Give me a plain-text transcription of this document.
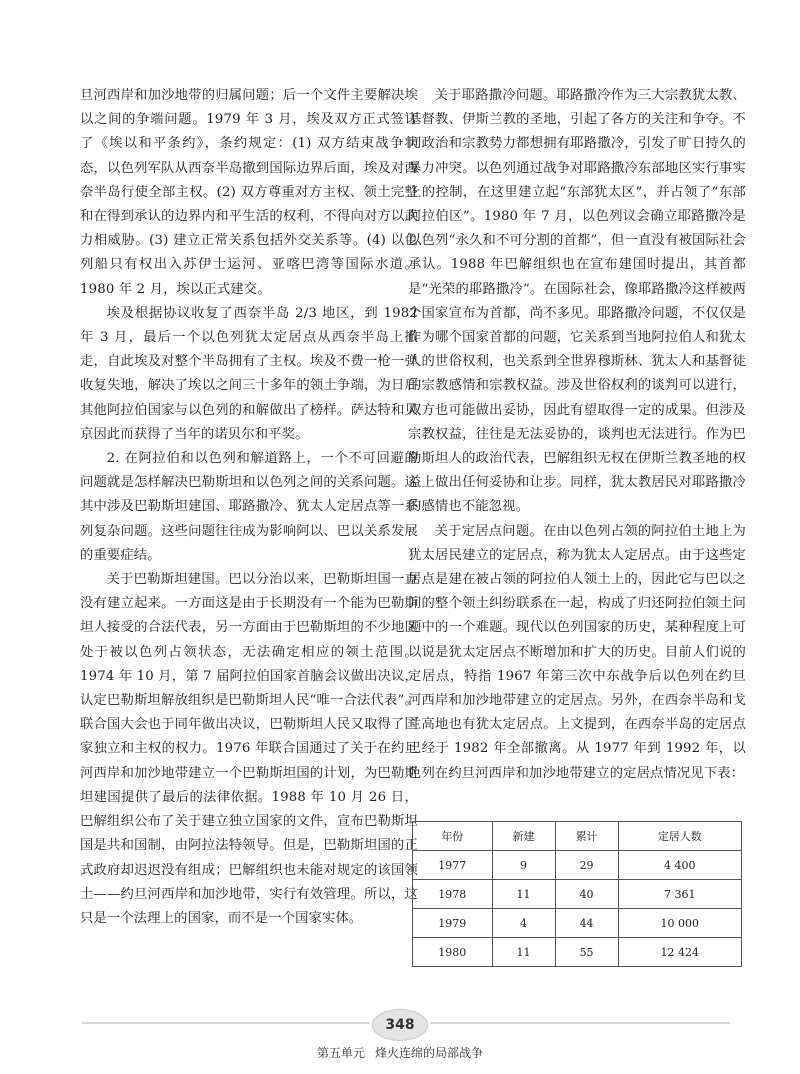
旦河西岸和加沙地带的归属问题；后一个文件主要解决埃以之间的争端问题。1979 年 3 月，埃及双方正式签订了《埃以和平条约》，条约规定：(1) 双方结束战争状态，以色列军队从西奈半岛撤到国际边界后面，埃及对西奈半岛行使全部主权。(2) 双方尊重对方主权、领土完整和在得到承认的边界内和平生活的权利，不得向对方以武力相威胁。(3) 建立正常关系包括外交关系等。(4) 以色列船只有权出入苏伊士运河、亚喀巴湾等国际水道。1980 年 2 月，埃以正式建交。

埃及根据协议收复了西奈半岛 2/3 地区，到 1982 年 3 月，最后一个以色列犹太定居点从西奈半岛上撤走，自此埃及对整个半岛拥有了主权。埃及不费一枪一弹收复失地，解决了埃以之间三十多年的领土争端，为日后其他阿拉伯国家与以色列的和解做出了榜样。萨达特和贝京因此而获得了当年的诺贝尔和平奖。

2. 在阿拉伯和以色列和解道路上，一个不可回避的问题就是怎样解决巴勒斯坦和以色列之间的关系问题。这其中涉及巴勒斯坦建国、耶路撒冷、犹太人定居点等一系列复杂问题。这些问题往往成为影响阿以、巴以关系发展的重要症结。

关于巴勒斯坦建国。巴以分治以来，巴勒斯坦国一直没有建立起来。一方面这是由于长期没有一个能为巴勒斯坦人接受的合法代表，另一方面由于巴勒斯坦的不少地区处于被以色列占领状态，无法确定相应的领土范围。1974 年 10 月，第 7 届阿拉伯国家首脑会议做出决议，认定巴勒斯坦解放组织是巴勒斯坦人民“唯一合法代表”。联合国大会也于同年做出决议，巴勒斯坦人民又取得了国家独立和主权的权力。1976 年联合国通过了关于在约旦河西岸和加沙地带建立一个巴勒斯坦国的计划，为巴勒斯坦建国提供了最后的法律依据。1988 年 10 月 26 日，巴解组织公布了关于建立独立国家的文件，宣布巴勒斯坦国是共和国制，由阿拉法特领导。但是，巴勒斯坦国的正式政府却迟迟没有组成；巴解组织也未能对规定的该国领土——约旦河西岸和加沙地带，实行有效管理。所以，这只是一个法理上的国家，而不是一个国家实体。

关于耶路撒冷问题。耶路撒冷作为三大宗教犹太教、基督教、伊斯兰教的圣地，引起了各方的关注和争夺。不同政治和宗教势力都想拥有耶路撒冷，引发了旷日持久的暴力冲突。以色列通过战争对耶路撒冷东部地区实行事实上的控制，在这里建立起“东部犹太区”，并占领了“东部阿拉伯区”。1980 年 7 月，以色列议会确立耶路撒冷是以色列“永久和不可分割的首都”，但一直没有被国际社会承认。1988 年巴解组织也在宣布建国时提出，其首都是“光荣的耶路撒冷”。在国际社会，像耶路撒冷这样被两个国家宣布为首都，尚不多见。耶路撒冷问题，不仅仅是作为哪个国家首都的问题，它关系到当地阿拉伯人和犹太人的世俗权利，也关系到全世界穆斯林、犹太人和基督徒的宗教感情和宗教权益。涉及世俗权利的谈判可以进行，双方也可能做出妥协，因此有望取得一定的成果。但涉及宗教权益，往往是无法妥协的，谈判也无法进行。作为巴勒斯坦人的政治代表，巴解组织无权在伊斯兰教圣地的权益上做出任何妥协和让步。同样，犹太教居民对耶路撒冷的感情也不能忽视。

关于定居点问题。在由以色列占领的阿拉伯土地上为犹太居民建立的定居点，称为犹太人定居点。由于这些定居点是建在被占领的阿拉伯人领土上的，因此它与巴以之间的整个领土纠纷联系在一起，构成了归还阿拉伯领土问题中的一个难题。现代以色列国家的历史，某种程度上可以说是犹太定居点不断增加和扩大的历史。目前人们说的定居点，特指 1967 年第三次中东战争后以色列在约旦河西岸和加沙地带建立的定居点。另外，在西奈半岛和戈兰高地也有犹太定居点。上文提到，在西奈半岛的定居点已经于 1982 年全部撤离。从 1977 年到 1992 年，以色列在约旦河西岸和加沙地带建立的定居点情况见下表：

年份	新建	累计	定居人数
1977	9	29	4 400
1978	11	40	7 361
1979	4	44	10 000
1980	11	55	12 424
348
第五单元 烽火连绵的局部战争
